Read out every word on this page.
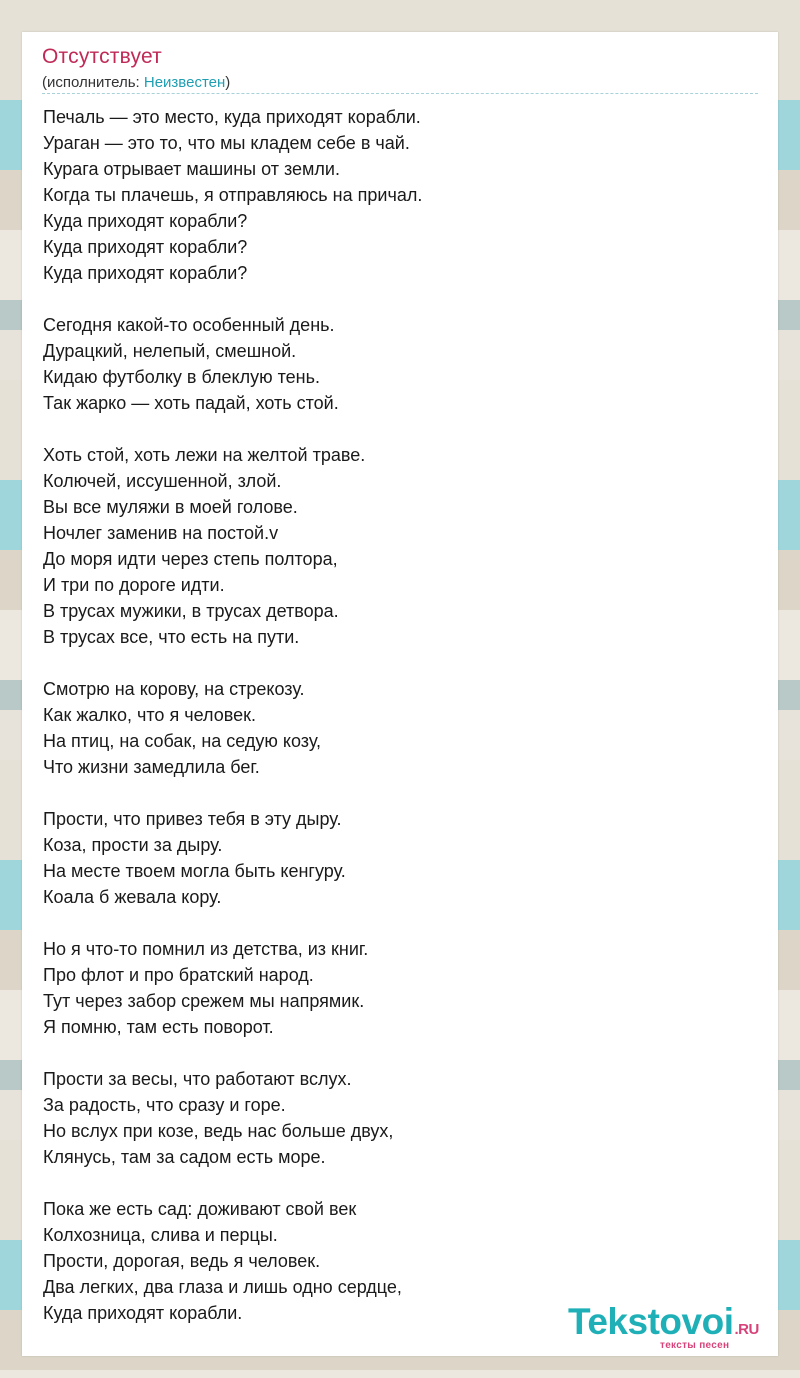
Отсутствует
(исполнитель: Неизвестен)
Печаль — это место, куда приходят корабли.
Ураган — это то, что мы кладем себе в чай.
Курага отрывает машины от земли.
Когда ты плачешь, я отправляюсь на причал.
Куда приходят корабли?
Куда приходят корабли?
Куда приходят корабли?
Сегодня какой-то особенный день.
Дурацкий, нелепый, смешной.
Кидаю футболку в блеклую тень.
Так жарко — хоть падай, хоть стой.
Хоть стой, хоть лежи на желтой траве.
Колючей, иссушенной, злой.
Вы все муляжи в моей голове.
Ночлег заменив на постой.v
До моря идти через степь полтора,
И три по дороге идти.
В трусах мужики, в трусах детвора.
В трусах все, что есть на пути.
Смотрю на корову, на стрекозу.
Как жалко, что я человек.
На птиц, на собак, на седую козу,
Что жизни замедлила бег.
Прости, что привез тебя в эту дыру.
Коза, прости за дыру.
На месте твоем могла быть кенгуру.
Коала б жевала кору.
Но я что-то помнил из детства, из книг.
Про флот и про братский народ.
Тут через забор срежем мы напрямик.
Я помню, там есть поворот.
Прости за весы, что работают вслух.
За радость, что сразу и горе.
Но вслух при козе, ведь нас больше двух,
Клянусь, там за садом есть море.
Пока же есть сад: доживают свой век
Колхозница, слива и перцы.
Прости, дорогая, ведь я человек.
Два легких, два глаза и лишь одно сердце,
Куда приходят корабли.	Tekstovoi.RU
тексты песен
